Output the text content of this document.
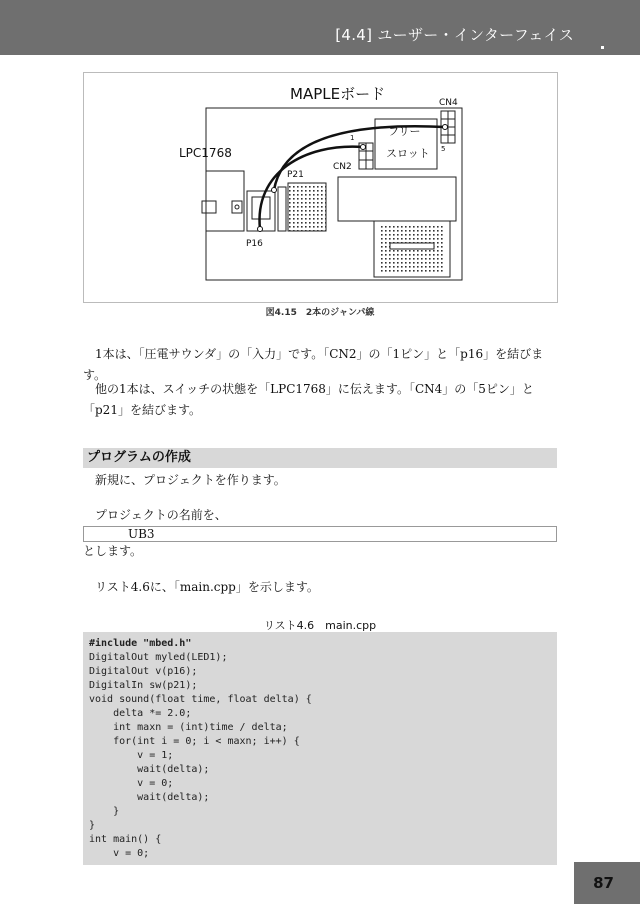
[4.4] ユーザー・インターフェイス
MAPLEボード	CN4
5
フリー
スロット
1
CN2
LPC1768
P21
P16
図4.15　2本のジャンパ線
1本は、「圧電サウンダ」の「入力」です。「CN2」の「1ピン」と「p16」を結びます。
他の1本は、スイッチの状態を「LPC1768」に伝えます。「CN4」の「5ピン」と「p21」を結びます。
プログラムの作成
新規に、プロジェクトを作ります。
プロジェクトの名前を、
UB3
とします。
リスト4.6に、「main.cpp」を示します。
リスト4.6　main.cpp
#include "mbed.h"
DigitalOut myled(LED1);
DigitalOut v(p16);
DigitalIn sw(p21);
void sound(float time, float delta) {
delta *= 2.0;
int maxn = (int)time / delta;
for(int i = 0; i < maxn; i++) {
v = 1;
wait(delta);
v = 0;
wait(delta);
}
}
int main() {
v = 0;
87
